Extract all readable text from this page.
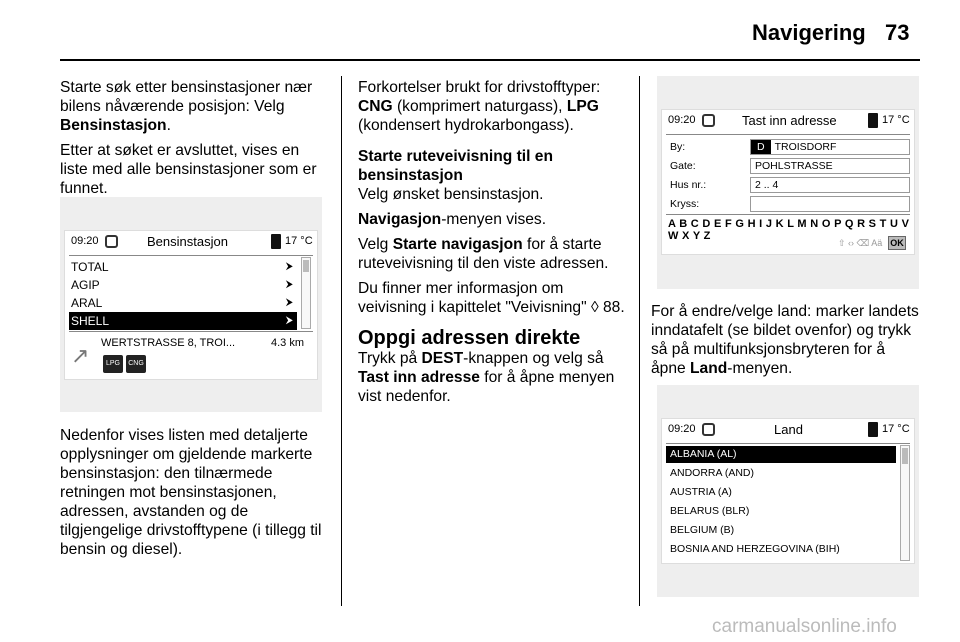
Navigering 73

Starte søk etter bensinstasjoner nær bilens nåværende posisjon: Velg Bensinstasjon.

Etter at søket er avsluttet, vises en liste med alle bensinstasjoner som er funnet.

09:20	Bensinstasjon	17 °C
TOTAL	⮞
AGIP	⮞
ARAL	⮞
SHELL	⮞
↗ WERTSTRASSE 8, TROI...	4.3 km
LPG	CNG

Nedenfor vises listen med detaljerte opplysninger om gjeldende markerte bensinstasjon: den tilnærmede retningen mot bensinstasjonen, adressen, avstanden og de tilgjengelige drivstofftypene (i tillegg til bensin og diesel).

Forkortelser brukt for drivstofftyper: CNG (komprimert naturgass), LPG (kondensert hydrokarbongass).

Starte ruteveivisning til en bensinstasjon

Velg ønsket bensinstasjon.

Navigasjon-menyen vises.

Velg Starte navigasjon for å starte ruteveivisning til den viste adressen.

Du finner mer informasjon om veivisning i kapittelet "Veivisning" ◊ 88.

Oppgi adressen direkte

Trykk på DEST-knappen og velg så Tast inn adresse for å åpne menyen vist nedenfor.

09:20	Tast inn adresse	17 °C
By:	D TROISDORF
Gate:	POHLSTRASSE
Hus nr.:	2 .. 4
Kryss:
A B C D E F G H I J K L M N O P Q R S T U V W X Y Z
⇧ ‹› ⌫ Aä OK

For å endre/velge land: marker landets inndatafelt (se bildet ovenfor) og trykk så på multifunksjonsbryteren for å åpne Land-menyen.

09:20	Land	17 °C
ALBANIA (AL)
ANDORRA (AND)
AUSTRIA (A)
BELARUS (BLR)
BELGIUM (B)
BOSNIA AND HERZEGOVINA (BIH)
carmanualsonline.info
